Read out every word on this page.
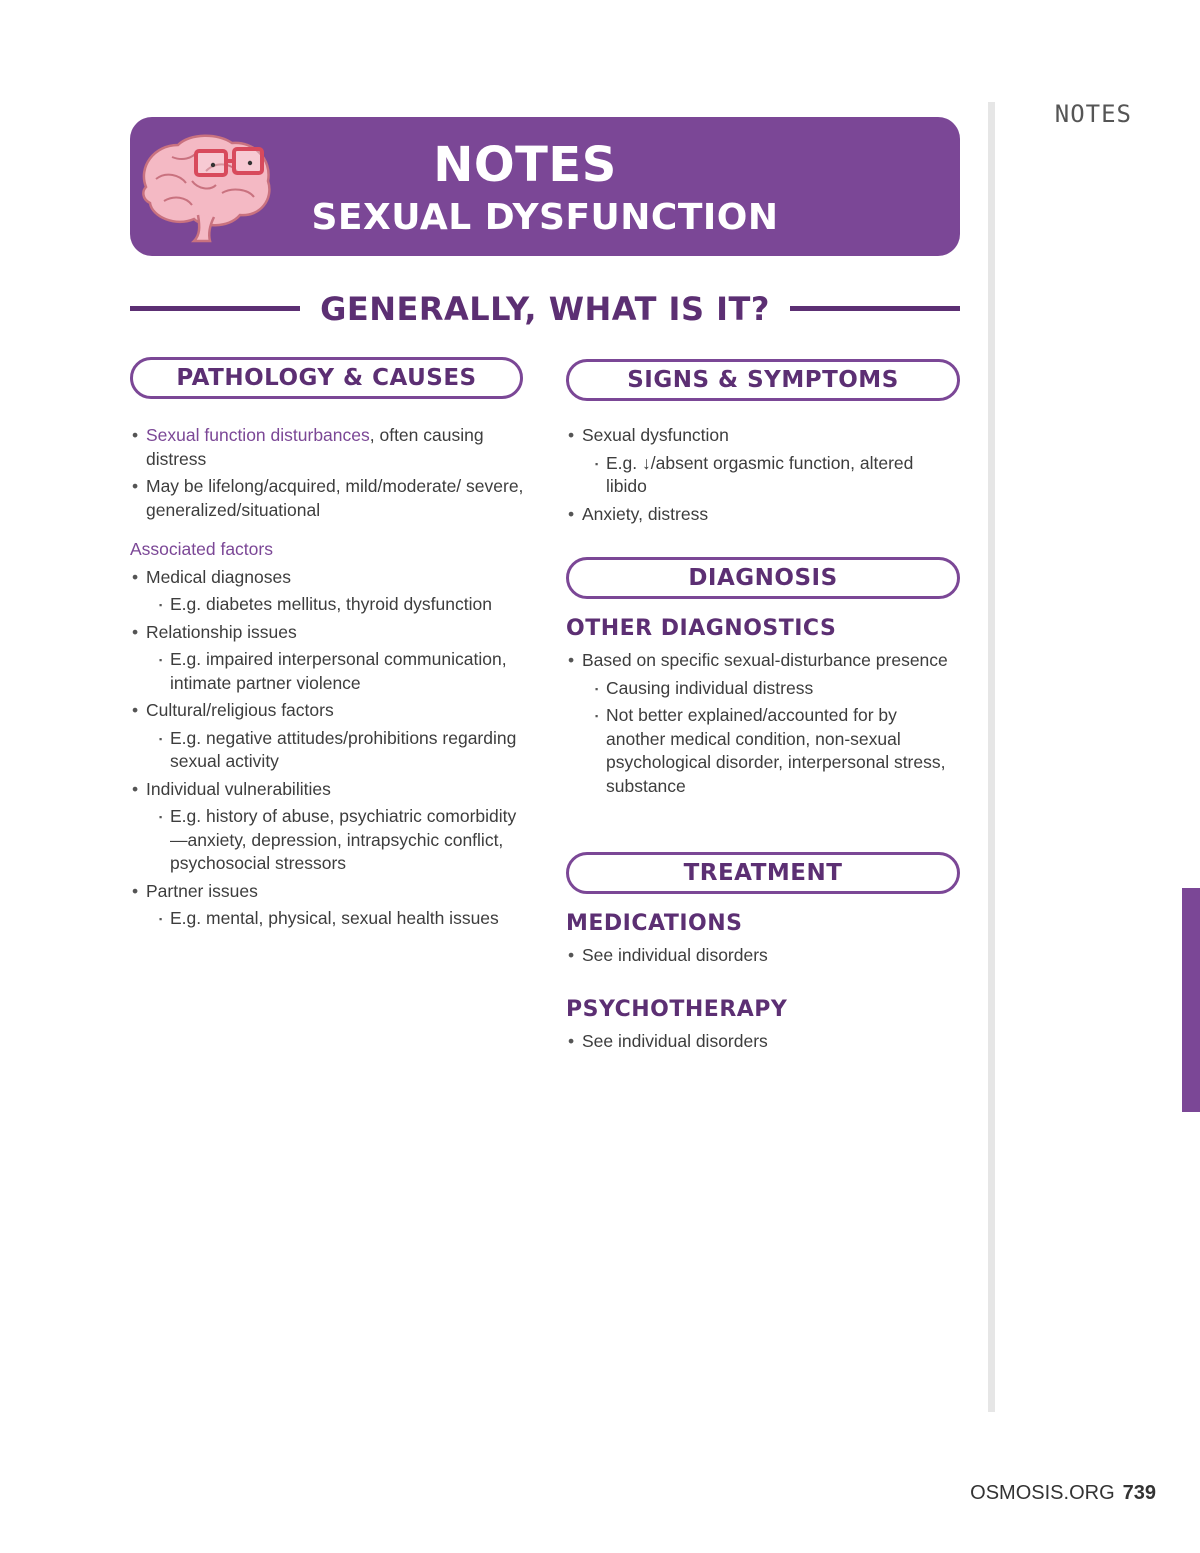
NOTES
NOTES
SEXUAL DYSFUNCTION
GENERALLY, WHAT IS IT?
PATHOLOGY & CAUSES
• Sexual function disturbances, often causing distress
• May be lifelong/acquired, mild/moderate/ severe, generalized/situational
Associated factors
• Medical diagnoses
▪ E.g. diabetes mellitus, thyroid dysfunction
• Relationship issues
▪ E.g. impaired interpersonal communication, intimate partner violence
• Cultural/religious factors
▪ E.g. negative attitudes/prohibitions regarding sexual activity
• Individual vulnerabilities
▪ E.g. history of abuse, psychiatric comorbidity—anxiety, depression, intrapsychic conflict, psychosocial stressors
• Partner issues
▪ E.g. mental, physical, sexual health issues
SIGNS & SYMPTOMS
• Sexual dysfunction
▪ E.g. ↓/absent orgasmic function, altered libido
• Anxiety, distress
DIAGNOSIS
OTHER DIAGNOSTICS
• Based on specific sexual-disturbance presence
▪ Causing individual distress
▪ Not better explained/accounted for by another medical condition, non-sexual psychological disorder, interpersonal stress, substance
TREATMENT
MEDICATIONS
• See individual disorders
PSYCHOTHERAPY
• See individual disorders
OSMOSIS.ORG 739
